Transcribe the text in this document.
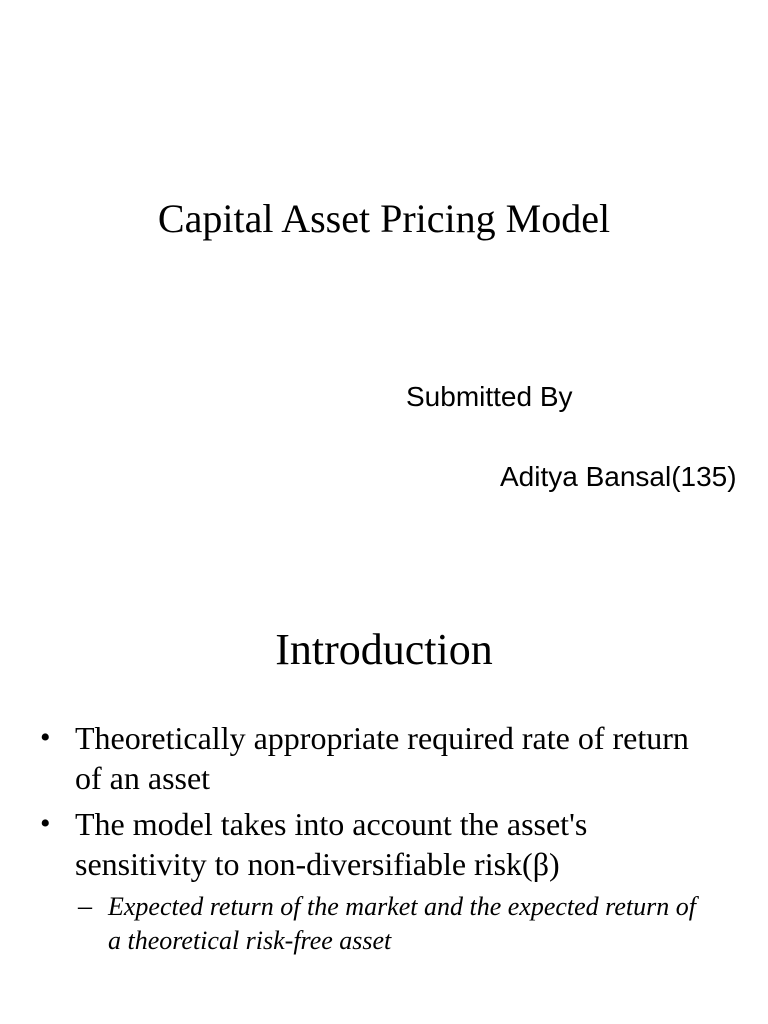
Capital Asset Pricing Model
Submitted By
Aditya Bansal(135)
Introduction
• Theoretically appropriate required rate of return of an asset
• The model takes into account the asset's sensitivity to non-diversifiable risk(β)
– Expected return of the market and the expected return of a theoretical risk-free asset
